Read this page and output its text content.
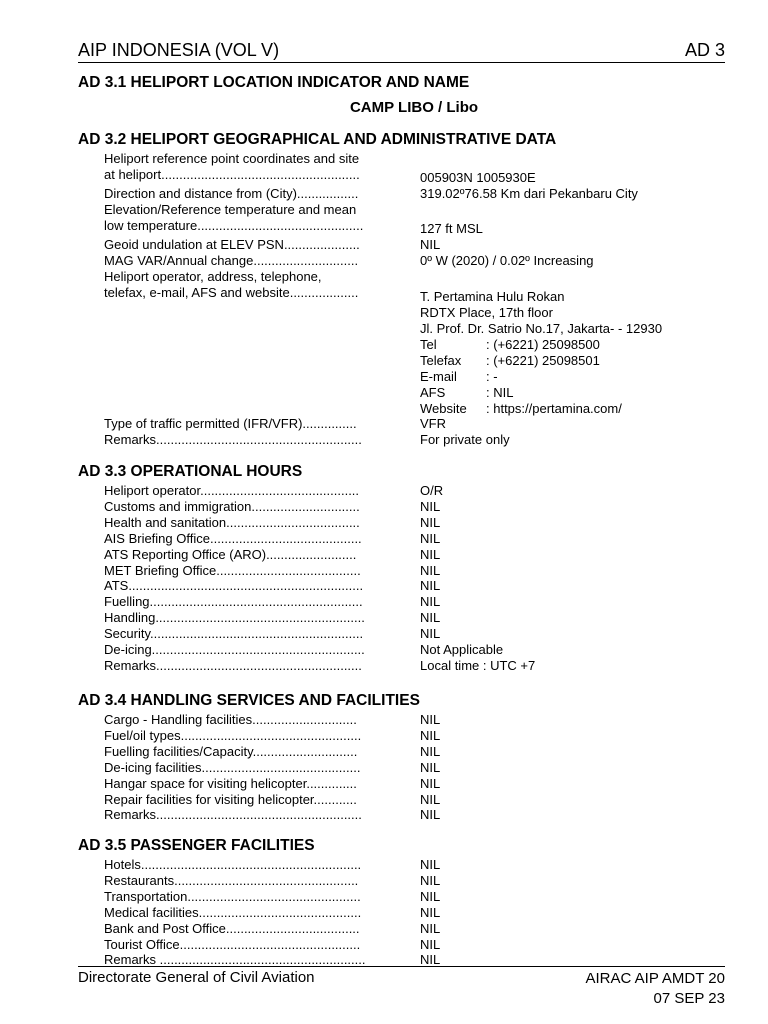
AIP INDONESIA (VOL V)	AD 3
AD 3.1 HELIPORT LOCATION INDICATOR AND NAME
CAMP LIBO / Libo
AD 3.2 HELIPORT GEOGRAPHICAL AND ADMINISTRATIVE DATA
Heliport reference point coordinates and site
at heliport.......................................................	005903N 1005930E
Direction and distance from (City).................	319.02º76.58 Km dari Pekanbaru City
Elevation/Reference temperature and mean
low temperature..............................................	127 ft MSL
Geoid undulation at ELEV PSN.....................	NIL
MAG VAR/Annual change.............................	0º W (2020) / 0.02º Increasing
Heliport operator, address, telephone,
telefax, e-mail, AFS and website...................	T. Pertamina Hulu Rokan
RDTX Place, 17th floor
Jl. Prof. Dr. Satrio No.17, Jakarta- - 12930
Tel	: (+6221) 25098500
Telefax : (+6221) 25098501
E-mail : -
AFS	: NIL
Website : https://pertamina.com/
Type of traffic permitted (IFR/VFR)...............	VFR
Remarks.........................................................	For private only
AD 3.3 OPERATIONAL HOURS
Heliport operator............................................	O/R
Customs and immigration..............................	NIL
Health and sanitation.....................................	NIL
AIS Briefing Office..........................................	NIL
ATS Reporting Office (ARO).........................	NIL
MET Briefing Office........................................	NIL
ATS.................................................................	NIL
Fuelling...........................................................	NIL
Handling..........................................................	NIL
Security...........................................................	NIL
De-icing...........................................................	Not Applicable
Remarks.........................................................	Local time : UTC +7
AD 3.4 HANDLING SERVICES AND FACILITIES
Cargo - Handling facilities.............................	NIL
Fuel/oil types..................................................	NIL
Fuelling facilities/Capacity.............................	NIL
De-icing facilities............................................	NIL
Hangar space for visiting helicopter..............	NIL
Repair facilities for visiting helicopter............	NIL
Remarks.........................................................	NIL
AD 3.5 PASSENGER FACILITIES
Hotels.............................................................	NIL
Restaurants...................................................	NIL
Transportation................................................	NIL
Medical facilities.............................................	NIL
Bank and Post Office.....................................	NIL
Tourist Office..................................................	NIL
Remarks .........................................................	NIL
Directorate General of Civil Aviation	AIRAC AIP AMDT 20
07 SEP 23
